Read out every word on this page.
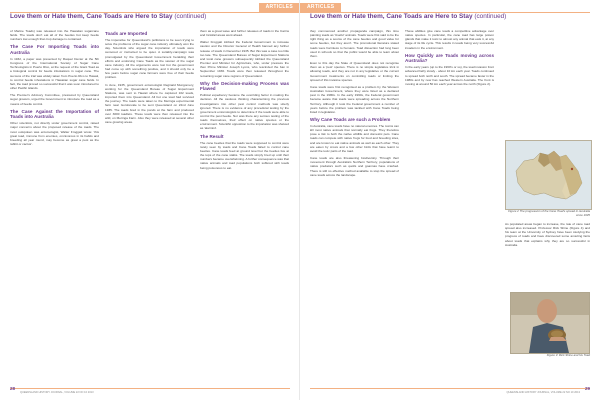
ARTICLES
Love them or Hate them, Cane Toads are Here to Stay (continued)

of Marine Toads) was released into the Hawaiian sugarcane fields. The toads don't eat all of the beetles but keep beetle numbers low enough that crop damage is contained.

The Case For Importing Toads into Australia

In 1932, a paper was presented by Raquel Dexter at the 5th Congress of the International Society of Sugar Cane Technologists in Puerto Rico, at the request of the Giant Toad as a biological control for beetle infestations in sugar cane. The success of the trial was widely taken from Puerto Rico to Hawaii, to control beetle infestations in Hawaiian sugar cane fields. In fact, the toad proved so successful that it was soon introduced to other Pacific islands.

The Premier's Advisory Committee, pressured by Queensland sugar growers, urged the Government to introduce the toad as a means of beetle control.

The Case Against the Importation of Toads into Australia

Other scientists, not directly under government control, raised major concerns about the proposed release of the toads. The most outspoken was entomologist, Walter Froggatt wrote: 'this great toad, immune from enemies, omnivorous in its habits and breeding all year round, may become as great a pest as the rabbit or cactus'.

Toads are Imported

The imperative for Queensland's politicians to be seen trying to solve the problems of the sugar cane industry ultimately won the day. Scientists who argued the importation of toads were censored or instructed to be quiet. A suitably-campaign was promulgated by the Queensland Government heralding their efforts and endorsing Cane Toads as the saviour of the sugar cane industry. All the arguments were lost but the government had come up with something positive, and it should only be a few years before sugar cane farmers were free of their beetle problem.

In June, 1935, government entomologist Reginald Mungomery, working for the Queensland Bureau of Sugar Experiment Stations, was sent to Hawaii where he captured 102 toads, imported them into Queensland. All but one toad had survived the journey. The toads were taken to the Meringa experimental farm near Gordonvale to be sent Queensland on 22nd June 1935. The toads bred in the ponds at the farm and produced over 3000 toadlets. These toads were then released into the wild, on Meringa Farm. Also they were released at several other cane growing areas.

them as a great wave and further releases of toads in the Cairns and Innisfail areas went ahead.

Walter Froggatt lobbied the Federal Government to increase caution and the Director General of Health banned any further release of toads in December 1935. But this was a case too little too late. The Queensland Bureau of Sugar Experiment Stations and local cane growers subsequently lobbied the Queensland Premier and Minister for Agriculture, who, under pressure the then Prime Minister Joseph Lyons, who rescinded the ban in September 1936. Toads were then released throughout the remaining sugar cane regions of Queensland.

Why the Decision-making Process was Flawed

Political expediency became the overriding factor in making the decision. All the cautious thinking characterising the previous investigations into other pest control methods was utterly ignored. There is no evidence of any procedural testing by the government entomologists to determine if the toads were able to control the pest beetle. Nor was there any serious testing of the toads themselves, their effect on native species or the environment. Scientific opposition to the importation was shelved as 'alarmist'.

The Result

The cane beetles that the toads were supposed to control were rarely seen by toads and Cane Toads failed to control cane beetles. Cane toads feed at ground level but the beetles live at the tops of the cane stalks. The toads simply bred up until their numbers became overwhelming. A further consequence was that native animals and toad populations both suffered with toads being poisonous to eat.

28
QUEENSLAND HISTORY JOURNAL, VOLUME 22 NO 10 2013
ARTICLES
Love them or Hate them, Cane Toads are Here to Stay (continued)

they commenced another propaganda campaign, this time painting toads as 'Useful' animals. Toads were first said to be the right thing as a source of the cane beetles and good value for some beetles, but they aren't. The promotional literature stated toads were harmless to humans. Toad dissection had long been used in schools so that the public would be able to learn about them.

Even to this day the State of Queensland does not recognise them as a 'pest' species. There is no simple legislative trick in allowing toads, and they are not in any legislative or the current Government treatments on controlling toads or limiting the spread of this invasive species.

Cane toads were first recognised as a problem by the Western Australian Government, where they were listed as a declared pest in the 1980s. In the early 1990s, the Federal government became aware that toads were spreading across the Northern Territory. Although it took the Federal government a number of years before the problem was tackled with Cane Toads being listed in legislation.

Why Cane Toads are such a Problem

In Australia, cane toads have no natural enemies. The toxins can kill most native animals that normally eat frogs. They therefore pose a risk to both the native wildlife and domestic pets. Cane toads can compete with native frogs for food and breeding sites, and are known to eat native animals as well as each other. They are eaten by crows and a few other birds that have learnt to avoid the toxic parts of the toad.

Cane toads are also threatening biodiversity. Through their movement through Australia's Northern Territory, populations of native predators such as quolls and goannas have crashed. There is still no effective method available to stop the spread of cane toads across the landscape.

These abilities give cane toads a competitive advantage over native species. In particular, the cane toad has large poison glands that make it toxic to almost any animal that eats it, at any stage of its life cycle. This results in toads being very successful invaders in the environment.

How Quickly are Toads moving across Australia?

In the early years (up to the 1960's or so), the toad invasion front advanced fairly slowly - about 10 km each year. Toads continued to spread both north and south. The spread became faster in the 1980s and by now has reached Western Australia. The front is moving at around 50 km each year across the north (Figure 2).

Figure 2 The progression of the Cane Toad's spread in Australia since 1935
As populated areas began to increase, the rate of cane toad spread also increased. Professor Rick Shine (Figure 4) and his team at the University of Sydney have been studying the progress of toads and have discovered some amazing facts about toads that explains why they are so successful in Australia.
Figure 3: Rick Shine and his Toad
29
QUEENSLAND HISTORY JOURNAL, VOLUME 22 NO 10 2013
